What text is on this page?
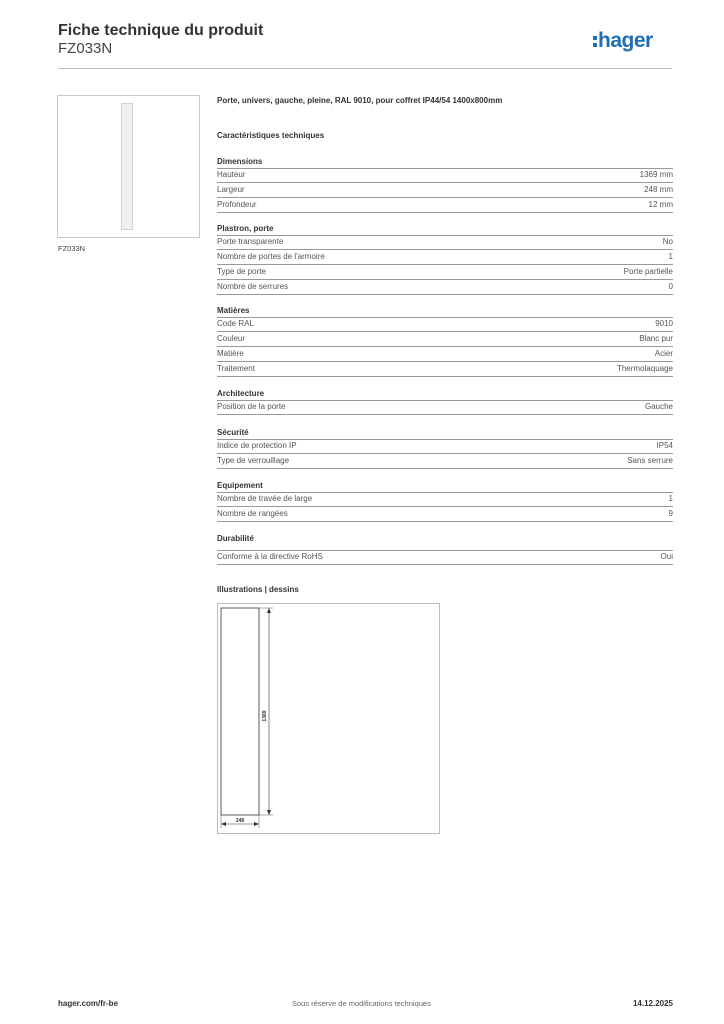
Fiche technique du produit
FZ033N	hager
FZ033N
Porte, univers, gauche, pleine, RAL 9010, pour coffret IP44/54 1400x800mm
Caractéristiques techniques
Dimensions
Hauteur	1369 mm
Largeur	248 mm
Profondeur	12 mm
Plastron, porte
Porte transparente	No
Nombre de portes de l'armoire	1
Type de porte	Porte partielle
Nombre de serrures	0
Matières
Code RAL	9010
Couleur	Blanc pur
Matière	Acier
Traitement	Thermolaquage
Architecture
Position de la porte	Gauche
Sécurité
Indice de protection IP	IP54
Type de verrouillage	Sans serrure
Equipement
Nombre de travée de large	1
Nombre de rangées	9
Durabilité
Conforme à la directive RoHS	Oui
Illustrations | dessins
1369
248
hager.com/fr-be	Sous réserve de modifications techniques	14.12.2025
